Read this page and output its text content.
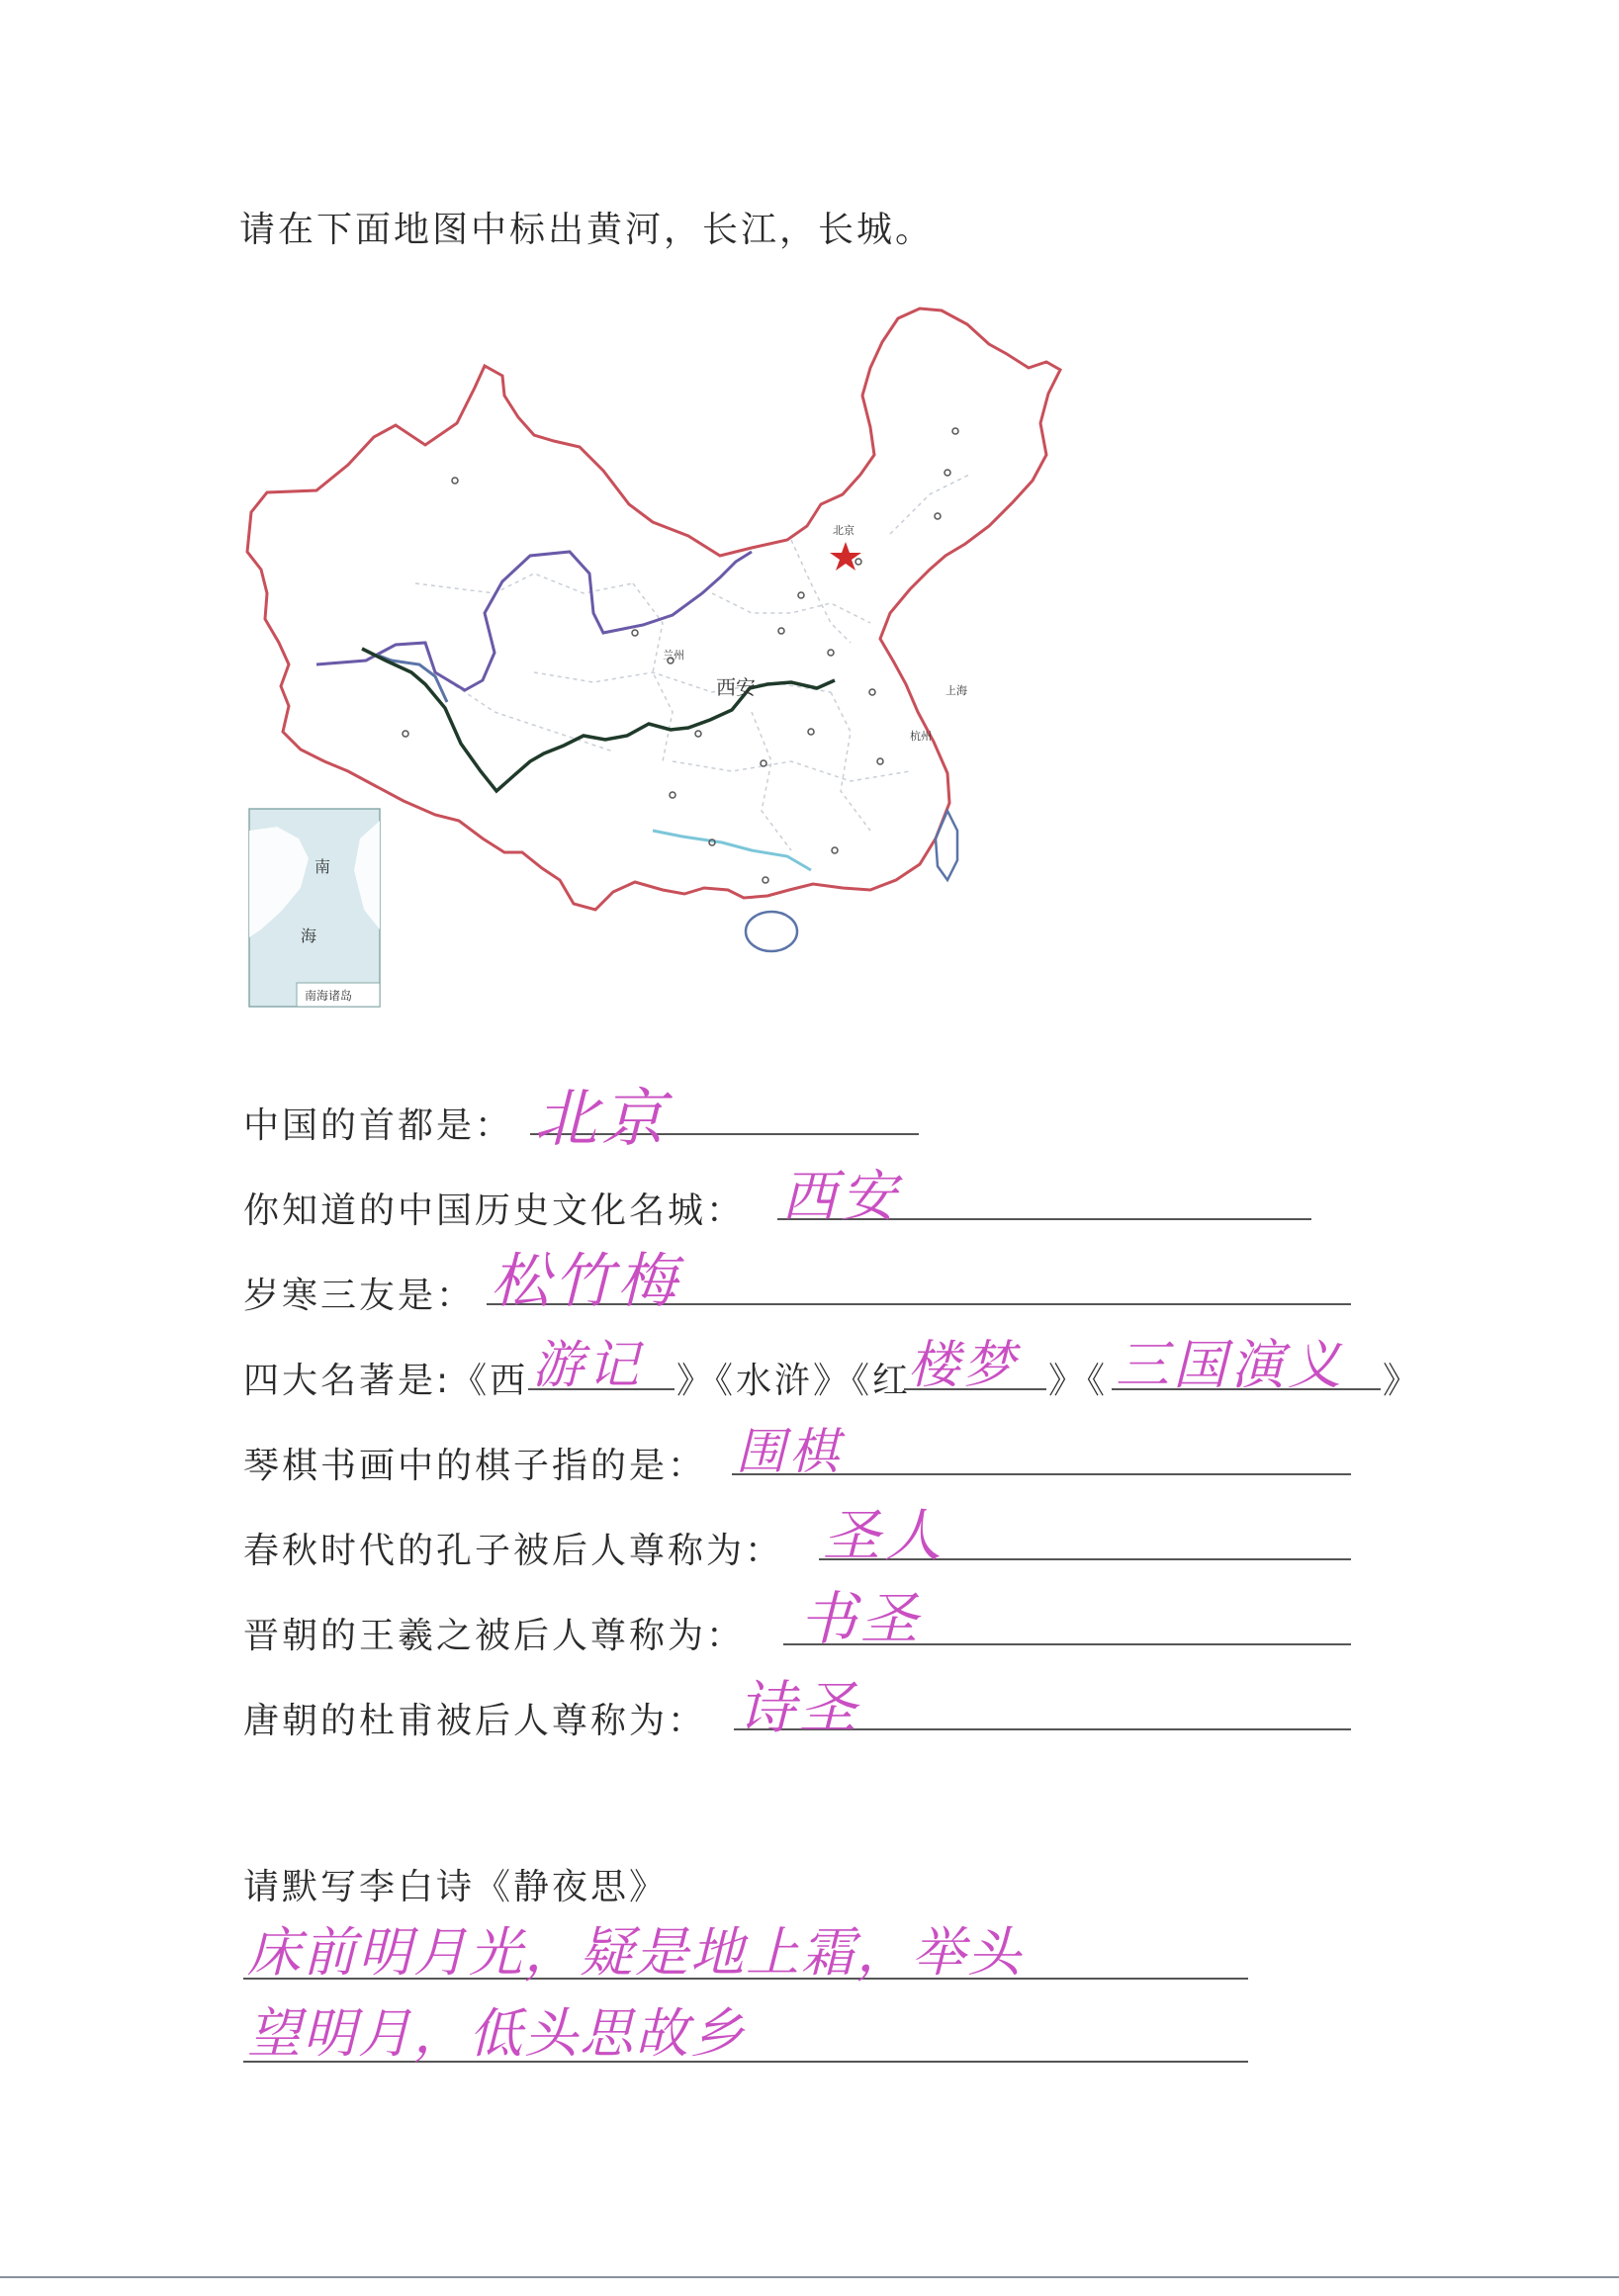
请在下面地图中标出黄河，长江，长城。
北京
兰州
西安	上海
杭州
南
海
南海诸岛
中国的首都是： 北京
你知道的中国历史文化名城： 西安
岁寒三友是： 松竹梅
四大名著是:《西 游记 》《水浒》《红
楼梦 》《 三国演义 》
琴棋书画中的棋子指的是： 围棋
春秋时代的孔子被后人尊称为： 圣人
晋朝的王羲之被后人尊称为： 书圣
唐朝的杜甫被后人尊称为： 诗圣
请默写李白诗《静夜思》
床前明月光，疑是地上霜，举头
望明月，低头思故乡
